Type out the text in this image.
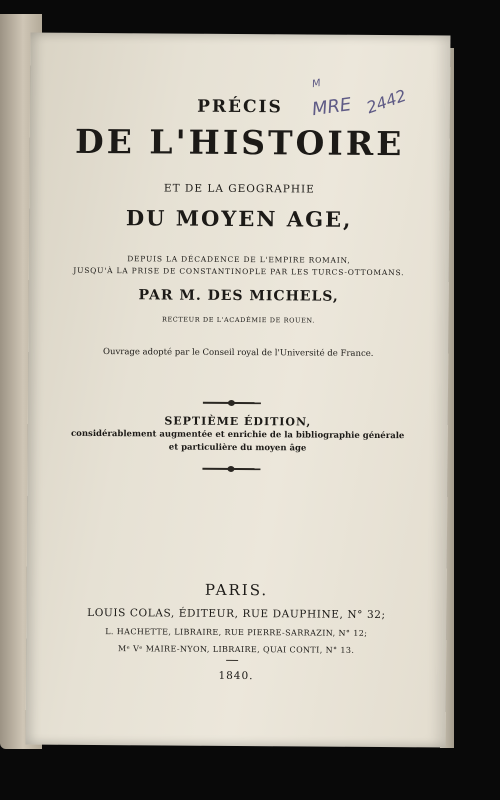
PRÉCIS
DE L'HISTOIRE
ET DE LA GEOGRAPHIE
DU MOYEN AGE,
DEPUIS LA DÉCADENCE DE L'EMPIRE ROMAIN,
JUSQU'À LA PRISE DE CONSTANTINOPLE PAR LES TURCS-OTTOMANS.
PAR M. DES MICHELS,
RECTEUR DE L'ACADÉMIE DE ROUEN.
Ouvrage adopté par le Conseil royal de l'Université de France.
SEPTIÈME ÉDITION,
considérablement augmentée et enrichie de la bibliographie générale
et particulière du moyen âge
PARIS.
LOUIS COLAS, ÉDITEUR, RUE DAUPHINE, N° 32;
L. HACHETTE, LIBRAIRE, RUE PIERRE-SARRAZIN, N° 12;
Mᵉ Vᵉ MAIRE-NYON, LIBRAIRE, QUAI CONTI, N° 13.
1840.
M
MRE 2442
